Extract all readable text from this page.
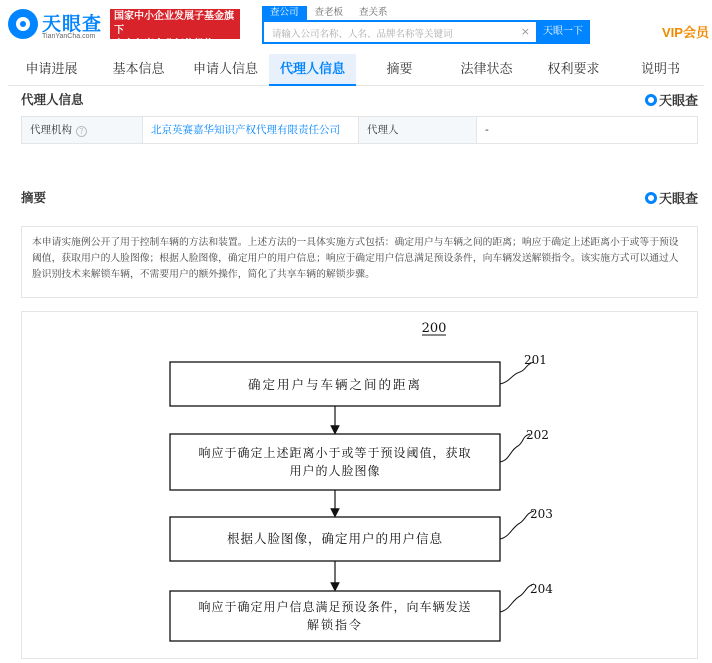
天眼查
TianYanCha.com
国家中小企业发展子基金旗下
官方备案企业征信机构
查公司	查老板	查关系
请输入公司名称、人名、品牌名称等关键词	×	天眼一下	VIP会员
申请进展	基本信息	申请人信息	代理人信息	摘要	法律状态	权利要求	说明书
代理人信息	天眼查
代理机构 ?	北京英赛嘉华知识产权代理有限责任公司	代理人	-
摘要	天眼查
本申请实施例公开了用于控制车辆的方法和装置。上述方法的一具体实施方式包括：确定用户与车辆之间的距离；响应于确定上述距离小于或等于预设阈值，获取用户的人脸图像；根据人脸图像，确定用户的用户信息；响应于确定用户信息满足预设条件，向车辆发送解锁指令。该实施方式可以通过人脸识别技术来解锁车辆，不需要用户的额外操作，简化了共享车辆的解锁步骤。
200
确定用户与车辆之间的距离
201
响应于确定上述距离小于或等于预设阈值，获取
用户的人脸图像
202
根据人脸图像，确定用户的用户信息
203
响应于确定用户信息满足预设条件，向车辆发送
解锁指令
204
